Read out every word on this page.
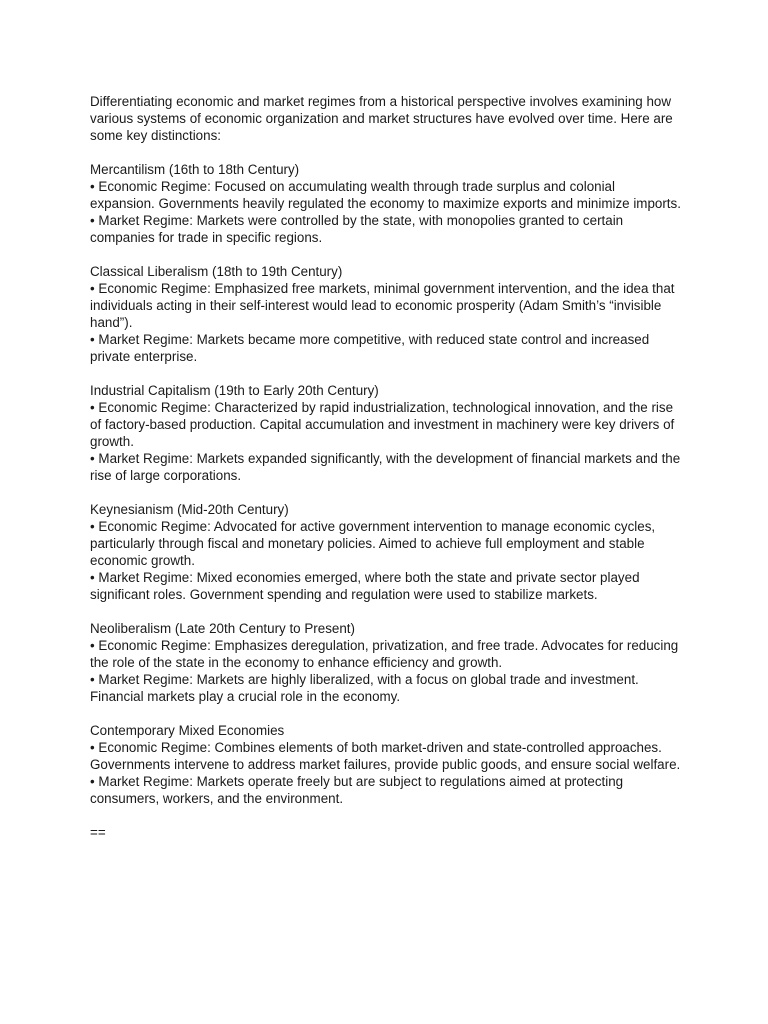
Differentiating economic and market regimes from a historical perspective involves examining how various systems of economic organization and market structures have evolved over time. Here are some key distinctions:

Mercantilism (16th to 18th Century)

• Economic Regime: Focused on accumulating wealth through trade surplus and colonial expansion. Governments heavily regulated the economy to maximize exports and minimize imports.

• Market Regime: Markets were controlled by the state, with monopolies granted to certain companies for trade in specific regions.

Classical Liberalism (18th to 19th Century)

• Economic Regime: Emphasized free markets, minimal government intervention, and the idea that individuals acting in their self-interest would lead to economic prosperity (Adam Smith’s “invisible hand”).

• Market Regime: Markets became more competitive, with reduced state control and increased private enterprise.

Industrial Capitalism (19th to Early 20th Century)

• Economic Regime: Characterized by rapid industrialization, technological innovation, and the rise of factory-based production. Capital accumulation and investment in machinery were key drivers of growth.

• Market Regime: Markets expanded significantly, with the development of financial markets and the rise of large corporations.

Keynesianism (Mid-20th Century)

• Economic Regime: Advocated for active government intervention to manage economic cycles, particularly through fiscal and monetary policies. Aimed to achieve full employment and stable economic growth.

• Market Regime: Mixed economies emerged, where both the state and private sector played significant roles. Government spending and regulation were used to stabilize markets.

Neoliberalism (Late 20th Century to Present)

• Economic Regime: Emphasizes deregulation, privatization, and free trade. Advocates for reducing the role of the state in the economy to enhance efficiency and growth.

• Market Regime: Markets are highly liberalized, with a focus on global trade and investment. Financial markets play a crucial role in the economy.

Contemporary Mixed Economies

• Economic Regime: Combines elements of both market-driven and state-controlled approaches. Governments intervene to address market failures, provide public goods, and ensure social welfare.

• Market Regime: Markets operate freely but are subject to regulations aimed at protecting consumers, workers, and the environment.

==
